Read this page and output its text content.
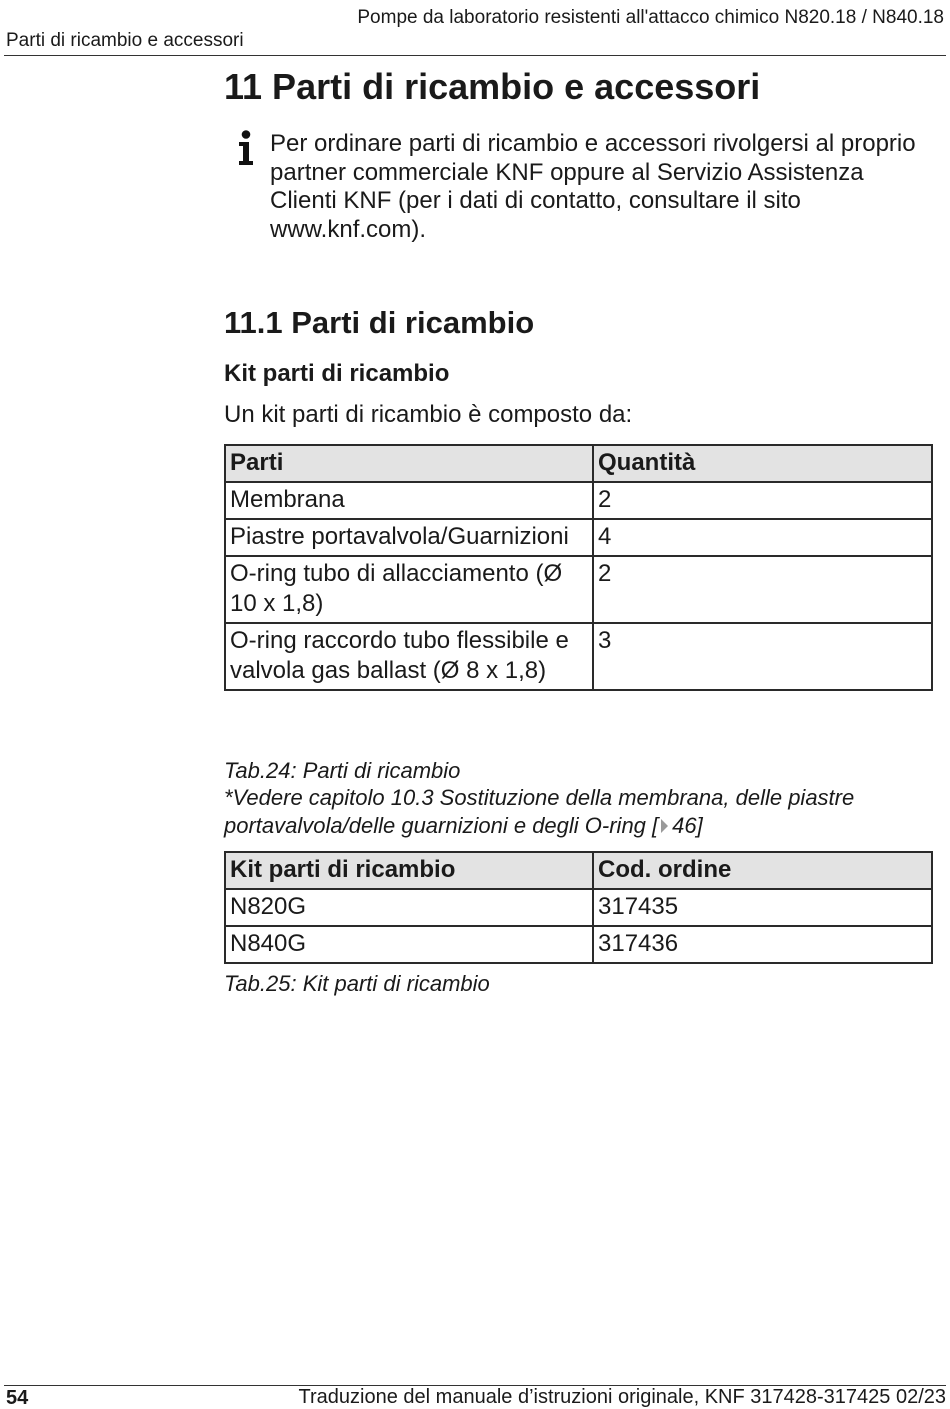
Parti di ricambio e accessori
Pompe da laboratorio resistenti all'attacco chimico N820.18 / N840.18
11 Parti di ricambio e accessori

Per ordinare parti di ricambio e accessori rivolgersi al proprio partner commerciale KNF oppure al Servizio Assistenza Clienti KNF (per i dati di contatto, consultare il sito www.knf.com).

11.1 Parti di ricambio
Kit parti di ricambio

Un kit parti di ricambio è composto da:

Parti	Quantità
Membrana	2
Piastre portavalvola/Guarnizioni	4
O-ring tubo di allacciamento (Ø 10 x 1,8)	2
O-ring raccordo tubo flessibile e valvola gas ballast (Ø 8 x 1,8)	3

Tab.24: Parti di ricambio

*Vedere capitolo 10.3 Sostituzione della membrana, delle piastre portavalvola/delle guarnizioni e degli O-ring [ 46]

Kit parti di ricambio	Cod. ordine
N820G	317435
N840G	317436

Tab.25: Kit parti di ricambio

54	Traduzione del manuale d’istruzioni originale, KNF 317428-317425 02/23
